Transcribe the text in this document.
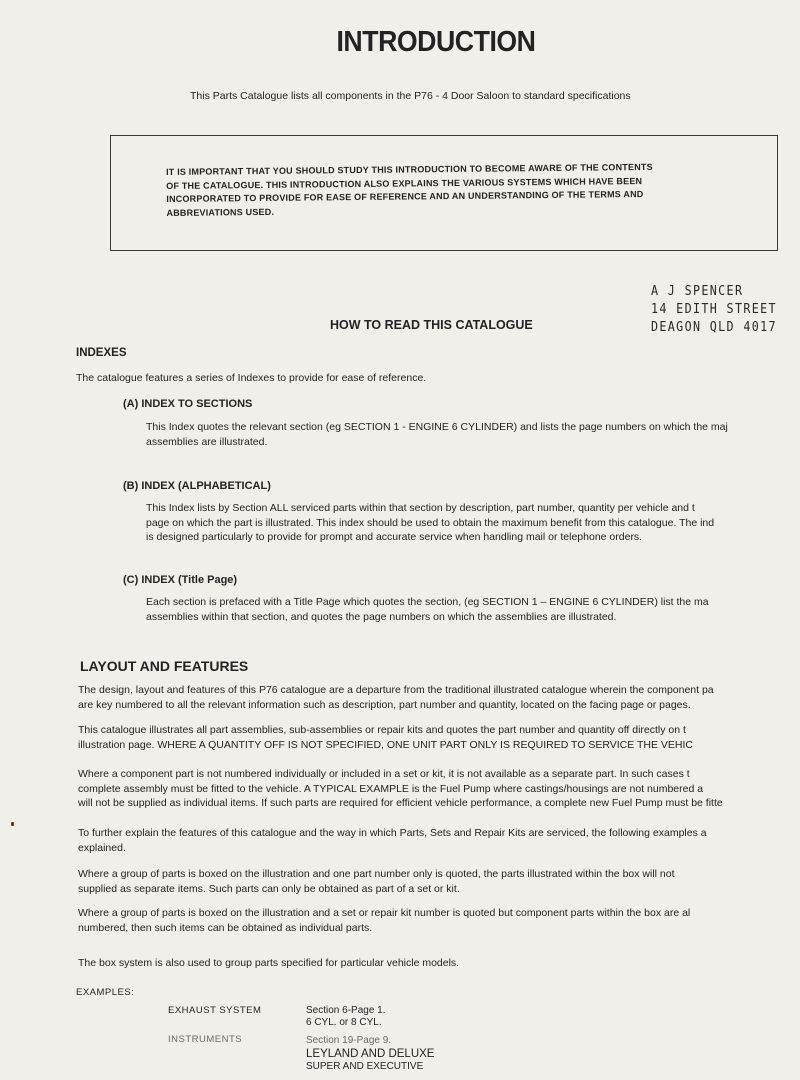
INTRODUCTION
This Parts Catalogue lists all components in the P76 - 4 Door Saloon to standard specifications
IT IS IMPORTANT THAT YOU SHOULD STUDY THIS INTRODUCTION TO BECOME AWARE OF THE CONTENTS
OF THE CATALOGUE. THIS INTRODUCTION ALSO EXPLAINS THE VARIOUS SYSTEMS WHICH HAVE BEEN
INCORPORATED TO PROVIDE FOR EASE OF REFERENCE AND AN UNDERSTANDING OF THE TERMS AND
ABBREVIATIONS USED.
A J SPENCER
14 EDITH STREET
DEAGON QLD 4017
HOW TO READ THIS CATALOGUE
INDEXES
The catalogue features a series of Indexes to provide for ease of reference.
(A) INDEX TO SECTIONS
This Index quotes the relevant section (eg SECTION 1 - ENGINE 6 CYLINDER) and lists the page numbers on which the maj
assemblies are illustrated.
(B) INDEX (ALPHABETICAL)
This Index lists by Section ALL serviced parts within that section by description, part number, quantity per vehicle and t
page on which the part is illustrated. This index should be used to obtain the maximum benefit from this catalogue. The ind
is designed particularly to provide for prompt and accurate service when handling mail or telephone orders.
(C) INDEX (Title Page)
Each section is prefaced with a Title Page which quotes the section, (eg SECTION 1 – ENGINE 6 CYLINDER) list the ma
assemblies within that section, and quotes the page numbers on which the assemblies are illustrated.
LAYOUT AND FEATURES
The design, layout and features of this P76 catalogue are a departure from the traditional illustrated catalogue wherein the component pa
are key numbered to all the relevant information such as description, part number and quantity, located on the facing page or pages.
This catalogue illustrates all part assemblies, sub-assemblies or repair kits and quotes the part number and quantity off directly on t
illustration page. WHERE A QUANTITY OFF IS NOT SPECIFIED, ONE UNIT PART ONLY IS REQUIRED TO SERVICE THE VEHIC
Where a component part is not numbered individually or included in a set or kit, it is not available as a separate part. In such cases t
complete assembly must be fitted to the vehicle. A TYPICAL EXAMPLE is the Fuel Pump where castings/housings are not numbered a
will not be supplied as individual items. If such parts are required for efficient vehicle performance, a complete new Fuel Pump must be fitte
To further explain the features of this catalogue and the way in which Parts, Sets and Repair Kits are serviced, the following examples a
explained.
Where a group of parts is boxed on the illustration and one part number only is quoted, the parts illustrated within the box will not
supplied as separate items. Such parts can only be obtained as part of a set or kit.
Where a group of parts is boxed on the illustration and a set or repair kit number is quoted but component parts within the box are al
numbered, then such items can be obtained as individual parts.
The box system is also used to group parts specified for particular vehicle models.
EXAMPLES:
EXHAUST SYSTEM	Section 6-Page 1.
6 CYL. or 8 CYL.
INSTRUMENTS	Section 19-Page 9.
LEYLAND AND DELUXE
SUPER AND EXECUTIVE
